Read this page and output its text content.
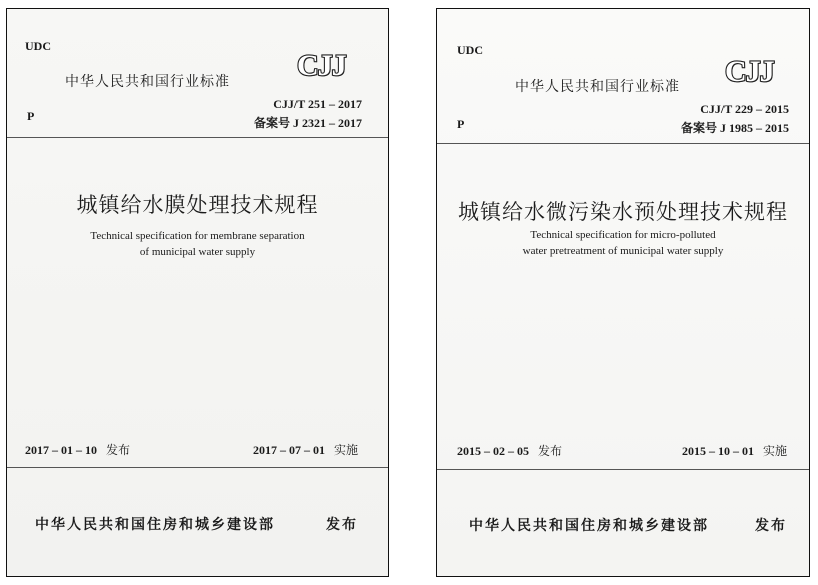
UDC
中华人民共和国行业标准 CJJ
P
CJJ/T 251 – 2017
备案号 J 2321 – 2017
城镇给水膜处理技术规程
Technical specification for membrane separation
of municipal water supply
2017 – 01 – 10 发布	2017 – 07 – 01 实施
中华人民共和国住房和城乡建设部	发布
UDC
中华人民共和国行业标准 CJJ
P
CJJ/T 229 – 2015
备案号 J 1985 – 2015
城镇给水微污染水预处理技术规程
Technical specification for micro-polluted
water pretreatment of municipal water supply
2015 – 02 – 05 发布	2015 – 10 – 01 实施
中华人民共和国住房和城乡建设部	发布
